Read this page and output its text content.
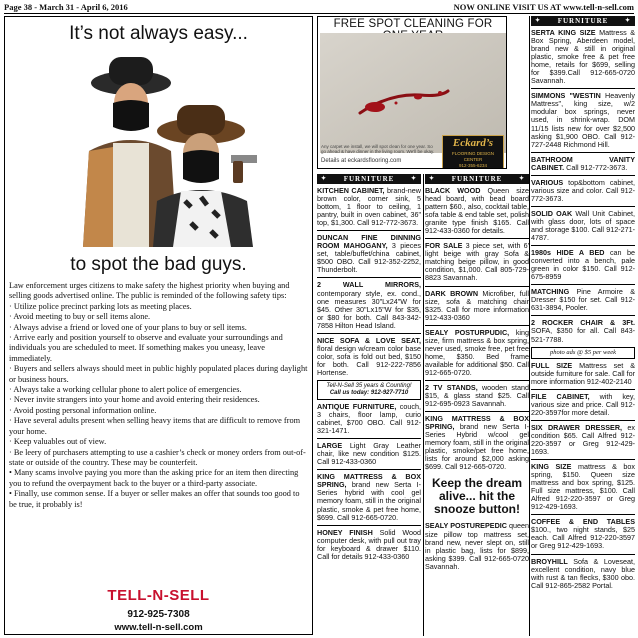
Page 38 - March 31 - April 6, 2016	NOW ONLINE VISIT US AT www.tell-n-sell.com
It’s not always easy...
to spot the bad guys.

Law enforcement urges citizens to make safety the highest priority when buying and selling goods advertised online. The public is reminded of the following safety tips:

· Utilize police precinct parking lots as meeting places.

· Avoid meeting to buy or sell items alone.

· Always advise a friend or loved one of your plans to buy or sell items.

· Arrive early and position yourself to observe and evaluate your surroundings and individuals you are scheduled to meet. If something makes you uneasy, leave immediately.

· Buyers and sellers always should meet in public highly populated places during daylight or business hours.

· Always take a working cellular phone to alert police of emergencies.

· Never invite strangers into your home and avoid entering their residences.

· Avoid posting personal information online.

· Have several adults present when selling heavy items that are difficult to remove from your home.

· Keep valuables out of view.

· Be leery of purchasers attempting to use a cashier’s check or money orders from out-of-state or outside of the country. These may be counterfeit.

• Many scams involve paying you more than the asking price for an item then directing you to refund the overpayment back to the buyer or a third-party associate.

• Finally, use common sense. If a buyer or seller makes an offer that sounds too good to be true, it probably is!

TELL-N-SELL
912-925-7308
www.tell-n-sell.com
FREE SPOT CLEANING FOR
Any carpet we install, we will spot clean for one year. So go ahead & have dinner in the living room. We’ll be okay.
Details at eckardsflooring.com
Eckard’s
FLOORING DESIGN CENTER
912-355-6234
✦ FURNITURE ✦
KITCHEN CABINET, brand-new brown color, corner sink, 5 bottom, 1 floor to ceiling, 1 pantry, built in oven cabinet, 36" top, $1,300. Call 912-772-3673.
DUNCAN FINE DINNING ROOM MAHOGANY, 3 pieces set, table/buffet/china cabinet, $500 OBO. Call 912-352-2252, Thunderbolt.
2 WALL MIRRORS, contemporary style, ex. cond., one measures 30"Lx24"W for $45. Other 30"Lx15"W for $35, or $80 for both. Call 843-342-7858 Hilton Head Island.
NICE SOFA & LOVE SEAT, floral design w/cream color base color, sofa is fold out bed, $150 for both. Call 912-222-7856 Hortense.
Tell-N-Sell 35 years & Counting!
Call us today: 912-927-7710
ANTIQUE FURNITURE, couch, 3 chairs, floor lamp, curio cabinet, $700 OBO. Call 912-321-1471.
LARGE Light Gray Leather chair, like new condition $125. Call 912-433-0360
KING MATTRESS & BOX SPRING, brand new Serta I-Series hybrid with cool gel memory foam, still in the original plastic, smoke & pet free home, $699. Call 912-665-0720.
HONEY FINISH Solid Wood computer desk, with pull out tray for keyboard & drawer $110. Call for details 912-433-0360
✦ FURNITURE ✦
BLACK WOOD Queen size head board, with bead board pattern $60., also, cocktail table, sofa table & end table set, polish granite type finish $165. Call 912-433-0360 for details.
FOR SALE 3 piece set, with 6' light beige with gray Sofa & matching beige pillow, in good condition, $1,000. Call 805-729-8823 Savannah.
DARK BROWN Microfiber, full size, sofa & matching chair $325. Call for more information 912-433-0360
SEALY POSTURPUDIC, king size, firm mattress & box spring, never used, smoke free, pet free home, $350. Bed frame available for additional $50. Call 912-665-0720.
2 TV STANDS, wooden stand $15, & glass stand $25. Call 912-695-0923 Savannah.
KING MATTRESS & BOX SPRING, brand new Serta I-Series Hybrid w/cool gel memory foam, still in the original plastic, smoke/pet free home, lists for around $2,000 asking $699. Call 912-665-0720.
Keep the dream alive... hit the snooze button!
SEALY POSTUREPEDIC queen size pillow top mattress set, brand new, never slept on, still in plastic bag, lists for $899, asking $399. Call 912-665-0720 Savannah.
✦ FURNITURE ✦
SERTA KING SIZE Mattress & Box Spring, Aberdeen model, brand new & still in original plastic, smoke free & pet free home, retails for $699, selling for $399.Call 912-665-0720 Savannah.
SIMMONS "WESTIN Heavenly Mattress", king size, w/2 modular box springs, never used, in shrink-wrap. DOM 11/15 lists new for over $2,500 asking $1,900 OBO. Call 912-727-2448 Richmond Hill.
BATHROOM VANITY CABINET. Call 912-772-3673.
VARIOUS top&bottom cabinet, various size and color. Call 912-772-3673.
SOLID OAK Wall Unit Cabinet, with glass door, lots of space and storage $100. Call 912-271-4787.
1980s HIDE A BED can be converted into a bench, pale green in color $150. Call 912-675-8959
MATCHING Pine Armoire & Dresser $150 for set. Call 912-631-3894, Pooler.
2 ROCKER CHAIR & 3Ft. SOFA, $350 for all. Call 843-521-7788.
photo ads @ $5 per week
FULL SIZE Mattress set & outside furniture for sale. Call for more information 912-402-2140
FILE CABINET, with key, various size and price. Call 912-220-3597for more detail.
SIX DRAWER DRESSER, ex condition $65. Call Alfred 912-220-3597 or Greg 912-429-1693.
KING SIZE mattress & box spring, $150. Queen size mattress and box spring, $125. Full size mattress, $100. Call Alfred 912-220-3597 or Greg 912-429-1693.
COFFEE & END TABLES $100., two night stands, $25 each. Call Alfred 912-220-3597 or Greg 912-429-1693.
BROYHILL Sofa & Loveseat, excellent condition, navy blue with rust & tan flecks, $300 obo. Call 912-865-2582 Portal.
